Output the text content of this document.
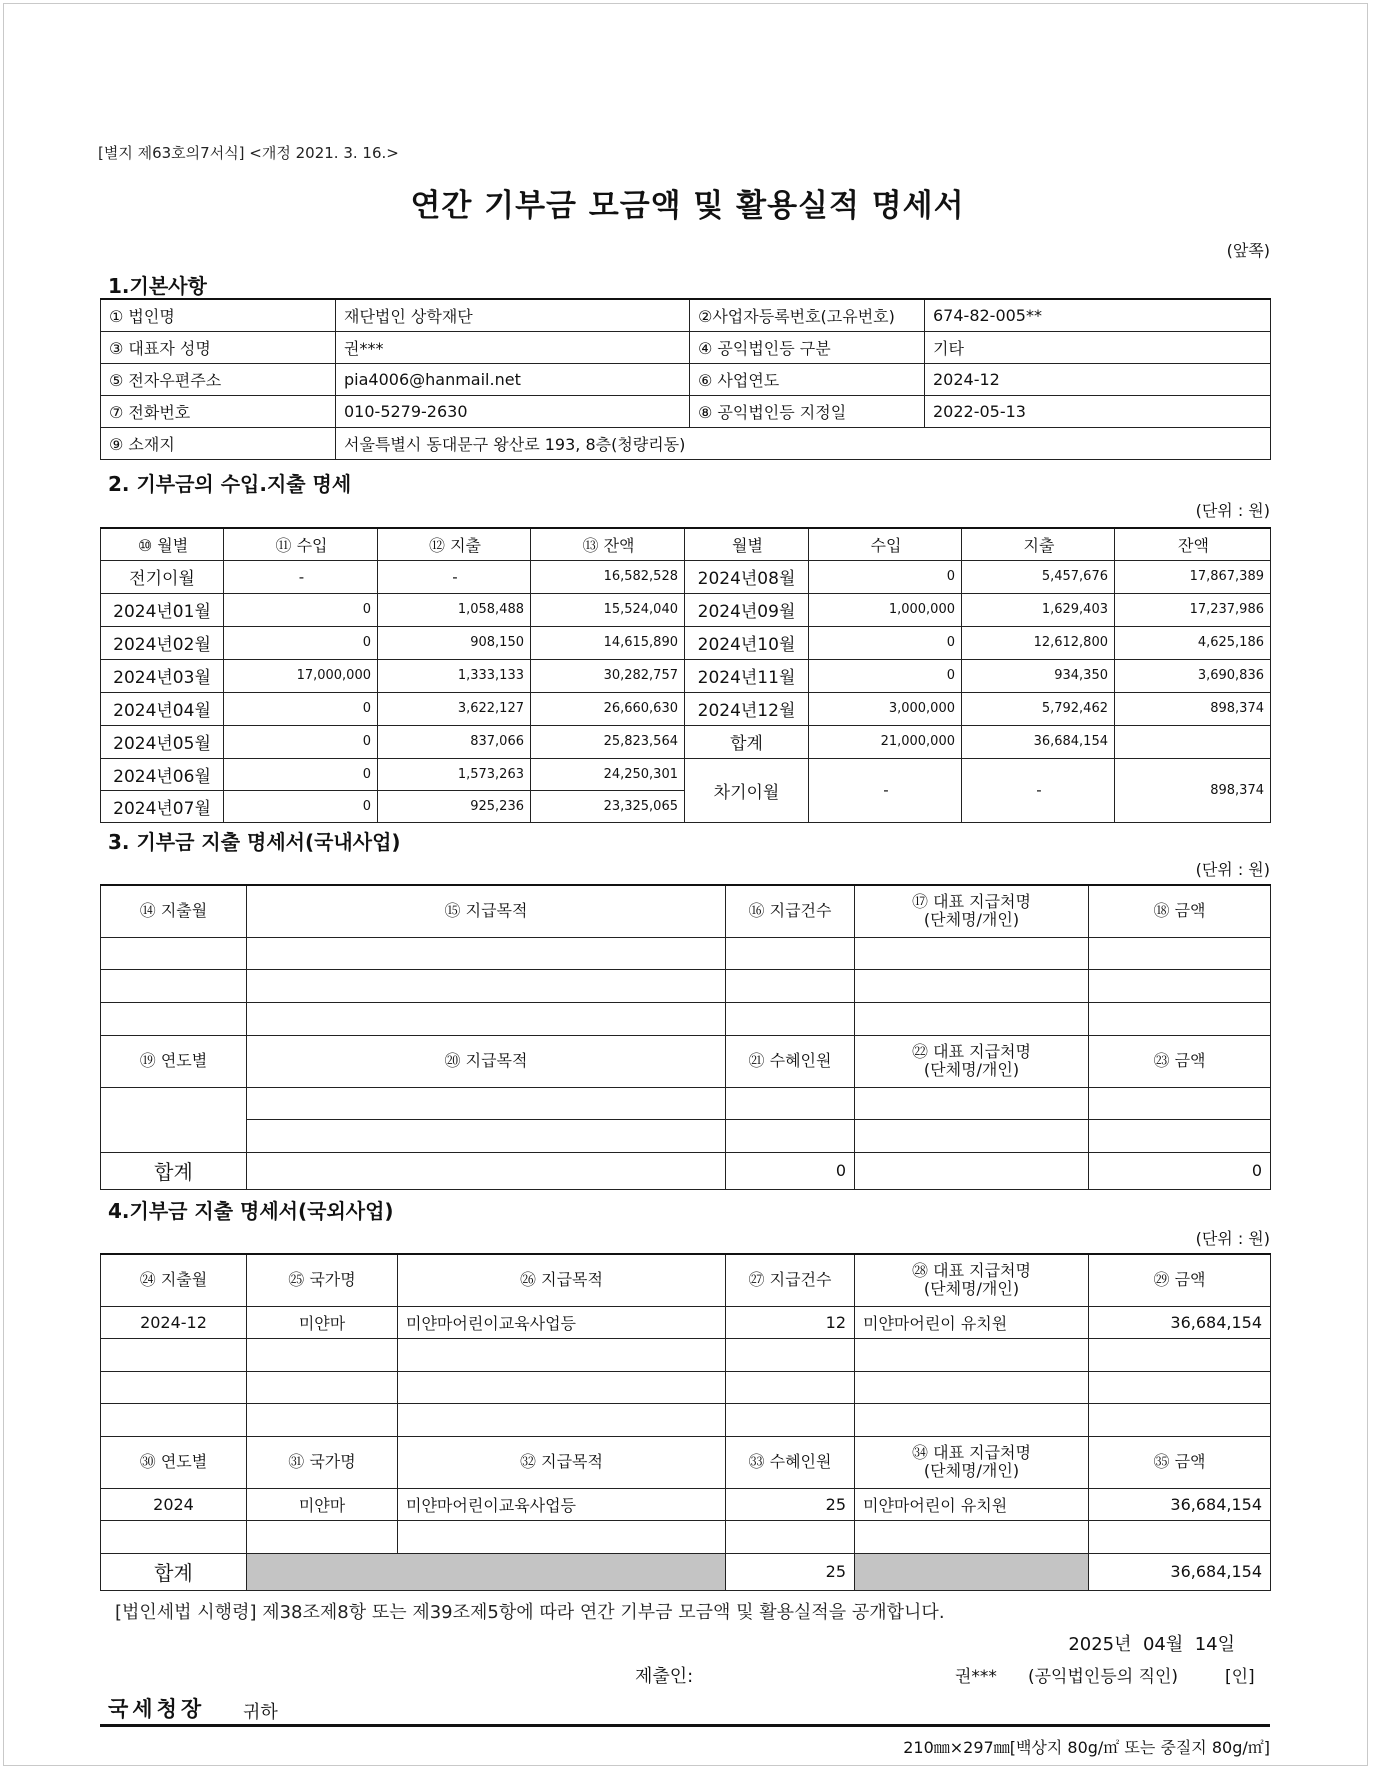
[별지 제63호의7서식] <개정 2021. 3. 16.>
연간 기부금 모금액 및 활용실적 명세서
(앞쪽)
1.기본사항
① 법인명	재단법인 상학재단	②사업자등록번호(고유번호)	674-82-005**
③ 대표자 성명	권***	④ 공익법인등 구분	기타
⑤ 전자우편주소	pia4006@hanmail.net	⑥ 사업연도	2024-12
⑦ 전화번호	010-5279-2630	⑧ 공익법인등 지정일	2022-05-13
⑨ 소재지	서울특별시 동대문구 왕산로 193, 8층(청량리동)		
2. 기부금의 수입.지출 명세
(단위 : 원)
⑩ 월별	⑪ 수입	⑫ 지출	⑬ 잔액	월별	수입	지출	잔액
전기이월	-	-	16,582,528	2024년08월	0	5,457,676	17,867,389
2024년01월	0	1,058,488	15,524,040	2024년09월	1,000,000	1,629,403	17,237,986
2024년02월	0	908,150	14,615,890	2024년10월	0	12,612,800	4,625,186
2024년03월	17,000,000	1,333,133	30,282,757	2024년11월	0	934,350	3,690,836
2024년04월	0	3,622,127	26,660,630	2024년12월	3,000,000	5,792,462	898,374
2024년05월	0	837,066	25,823,564	합계	21,000,000	36,684,154	
2024년06월	0	1,573,263	24,250,301	차기이월	-	-	898,374
2024년07월	0	925,236	23,325,065				
3. 기부금 지출 명세서(국내사업)
(단위 : 원)
⑭ 지출월	⑮ 지급목적	⑯ 지급건수	⑰ 대표 지급처명
(단체명/개인)	⑱ 금액

⑲ 연도별	⑳ 지급목적	㉑ 수혜인원	㉒ 대표 지급처명
(단체명/개인)	㉓ 금액

합계		0		0
4.기부금 지출 명세서(국외사업)
(단위 : 원)
㉔ 지출월	㉕ 국가명	㉖ 지급목적	㉗ 지급건수	㉘ 대표 지급처명
(단체명/개인)	㉙ 금액
2024-12	미얀마	미얀마어린이교육사업등	12	미얀마어린이 유치원	36,684,154

㉚ 연도별	㉛ 국가명	㉜ 지급목적	㉝ 수혜인원	㉞ 대표 지급처명
(단체명/개인)	㉟ 금액
2024	미얀마	미얀마어린이교육사업등	25	미얀마어린이 유치원	36,684,154

합계			25		36,684,154
[법인세법 시행령] 제38조제8항 또는 제39조제5항에 따라 연간 기부금 모금액 및 활용실적을 공개합니다.
2025년  04월  14일
제출인:	권*** (공익법인등의 직인)	[인]
국세청장 귀하
210㎜×297㎜[백상지 80g/㎡ 또는 중질지 80g/㎡]
